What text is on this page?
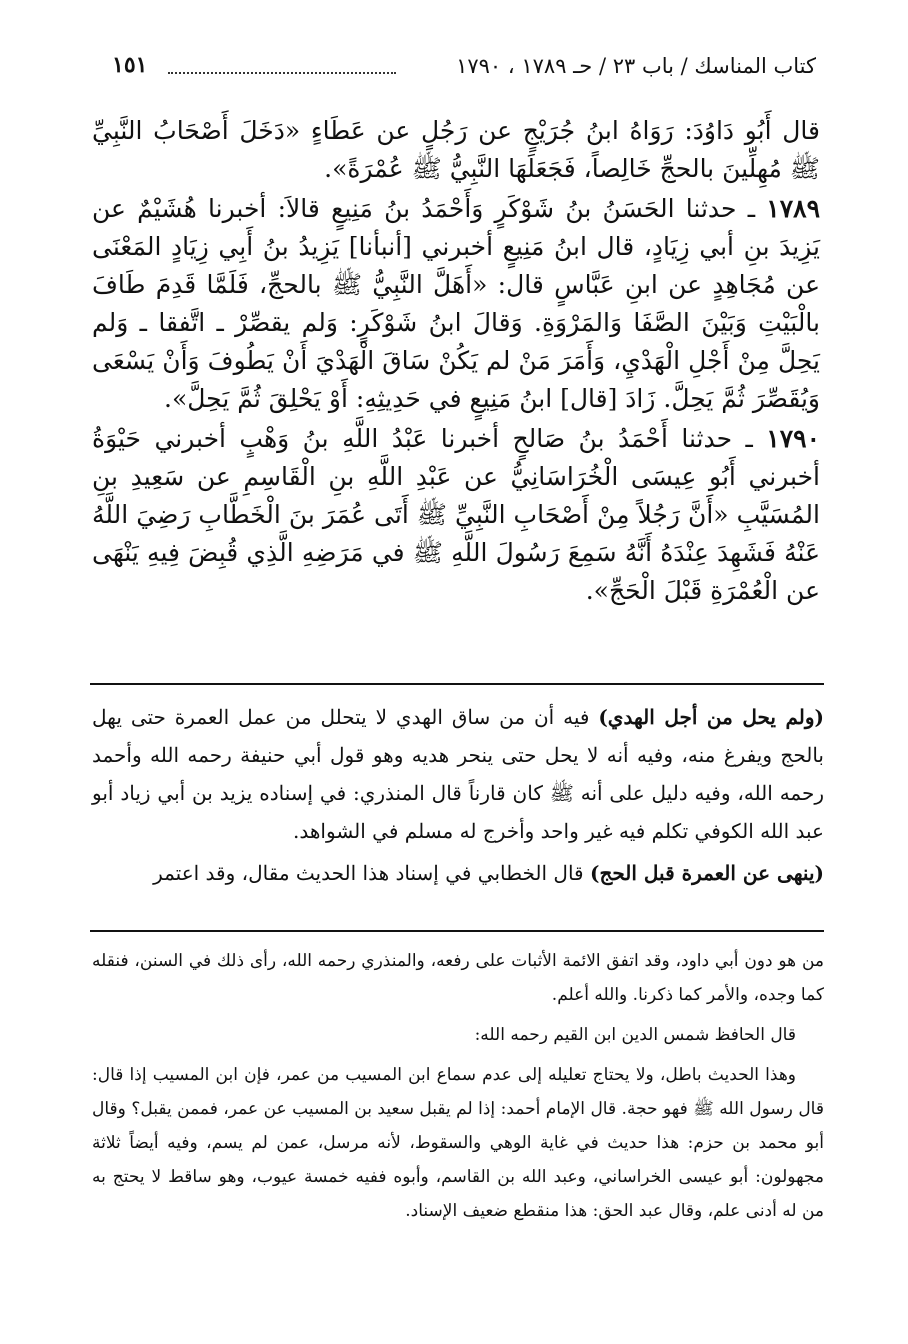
كتاب المناسك / باب ٢٣ / حـ ١٧٨٩ ، ١٧٩٠
١٥١

قال أَبُو دَاوُدَ: رَوَاهُ ابنُ جُرَيْجٍ عن رَجُلٍ عن عَطَاءٍ «دَخَلَ أَصْحَابُ النَّبِيِّ ﷺ مُهِلِّينَ بالحجِّ خَالِصاً، فَجَعَلَهَا النَّبِيُّ ﷺ عُمْرَةً».

١٧٨٩ ـ حدثنا الحَسَنُ بنُ شَوْكَرٍ وَأَحْمَدُ بنُ مَنِيعٍ قالاَ: أخبرنا هُشَيْمٌ عن يَزِيدَ بنِ أبي زِيَادٍ، قال ابنُ مَنِيعٍ أخبرني [أنبأنا] يَزِيدُ بنُ أَبِي زِيَادٍ المَعْنَى عن مُجَاهِدٍ عن ابنِ عَبَّاسٍ قال: «أَهَلَّ النَّبِيُّ ﷺ بالحجِّ، فَلَمَّا قَدِمَ طَافَ بالْبَيْتِ وَبَيْنَ الصَّفَا وَالمَرْوَةِ. وَقالَ ابنُ شَوْكَرٍ: وَلم يقصِّرْ ـ اتَّفقا ـ وَلم يَحِلَّ مِنْ أَجْلِ الْهَدْيِ، وَأَمَرَ مَنْ لم يَكُنْ سَاقَ الْهَدْيَ أَنْ يَطُوفَ وَأَنْ يَسْعَى وَيُقَصِّرَ ثُمَّ يَحِلَّ. زَادَ [قال] ابنُ مَنِيعٍ في حَدِيثِهِ: أَوْ يَحْلِقَ ثُمَّ يَحِلَّ».

١٧٩٠ ـ حدثنا أَحْمَدُ بنُ صَالحٍ أخبرنا عَبْدُ اللَّهِ بنُ وَهْبٍ أخبرني حَيْوَةُ أخبرني أَبُو عِيسَى الْخُرَاسَانِيُّ عن عَبْدِ اللَّهِ بنِ الْقَاسِمِ عن سَعِيدِ بنِ المُسَيَّبِ «أَنَّ رَجُلاً مِنْ أَصْحَابِ النَّبِيِّ ﷺ أَتَى عُمَرَ بنَ الْخَطَّابِ رَضِيَ اللَّهُ عَنْهُ فَشَهِدَ عِنْدَهُ أَنَّهُ سَمِعَ رَسُولَ اللَّهِ ﷺ في مَرَضِهِ الَّذِي قُبِضَ فِيهِ يَنْهَى عن الْعُمْرَةِ قَبْلَ الْحَجِّ».

(ولم يحل من أجل الهدي) فيه أن من ساق الهدي لا يتحلل من عمل العمرة حتى يهل بالحج ويفرغ منه، وفيه أنه لا يحل حتى ينحر هديه وهو قول أبي حنيفة رحمه الله وأحمد رحمه الله، وفيه دليل على أنه ﷺ كان قارناً قال المنذري: في إسناده يزيد بن أبي زياد أبو عبد الله الكوفي تكلم فيه غير واحد وأخرج له مسلم في الشواهد.

(ينهى عن العمرة قبل الحج) قال الخطابي في إسناد هذا الحديث مقال، وقد اعتمر

من هو دون أبي داود، وقد اتفق الائمة الأثبات على رفعه، والمنذري رحمه الله، رأى ذلك في السنن، فنقله كما وجده، والأمر كما ذكرنا. والله أعلم.

قال الحافظ شمس الدين ابن القيم رحمه الله:

وهذا الحديث باطل، ولا يحتاج تعليله إلى عدم سماع ابن المسيب من عمر، فإن ابن المسيب إذا قال: قال رسول الله ﷺ فهو حجة. قال الإمام أحمد: إذا لم يقبل سعيد بن المسيب عن عمر، فممن يقبل؟ وقال أبو محمد بن حزم: هذا حديث في غاية الوهي والسقوط، لأنه مرسل، عمن لم يسم، وفيه أيضاً ثلاثة مجهولون: أبو عيسى الخراساني، وعبد الله بن القاسم، وأبوه ففيه خمسة عيوب، وهو ساقط لا يحتج به من له أدنى علم، وقال عبد الحق: هذا منقطع ضعيف الإسناد.
